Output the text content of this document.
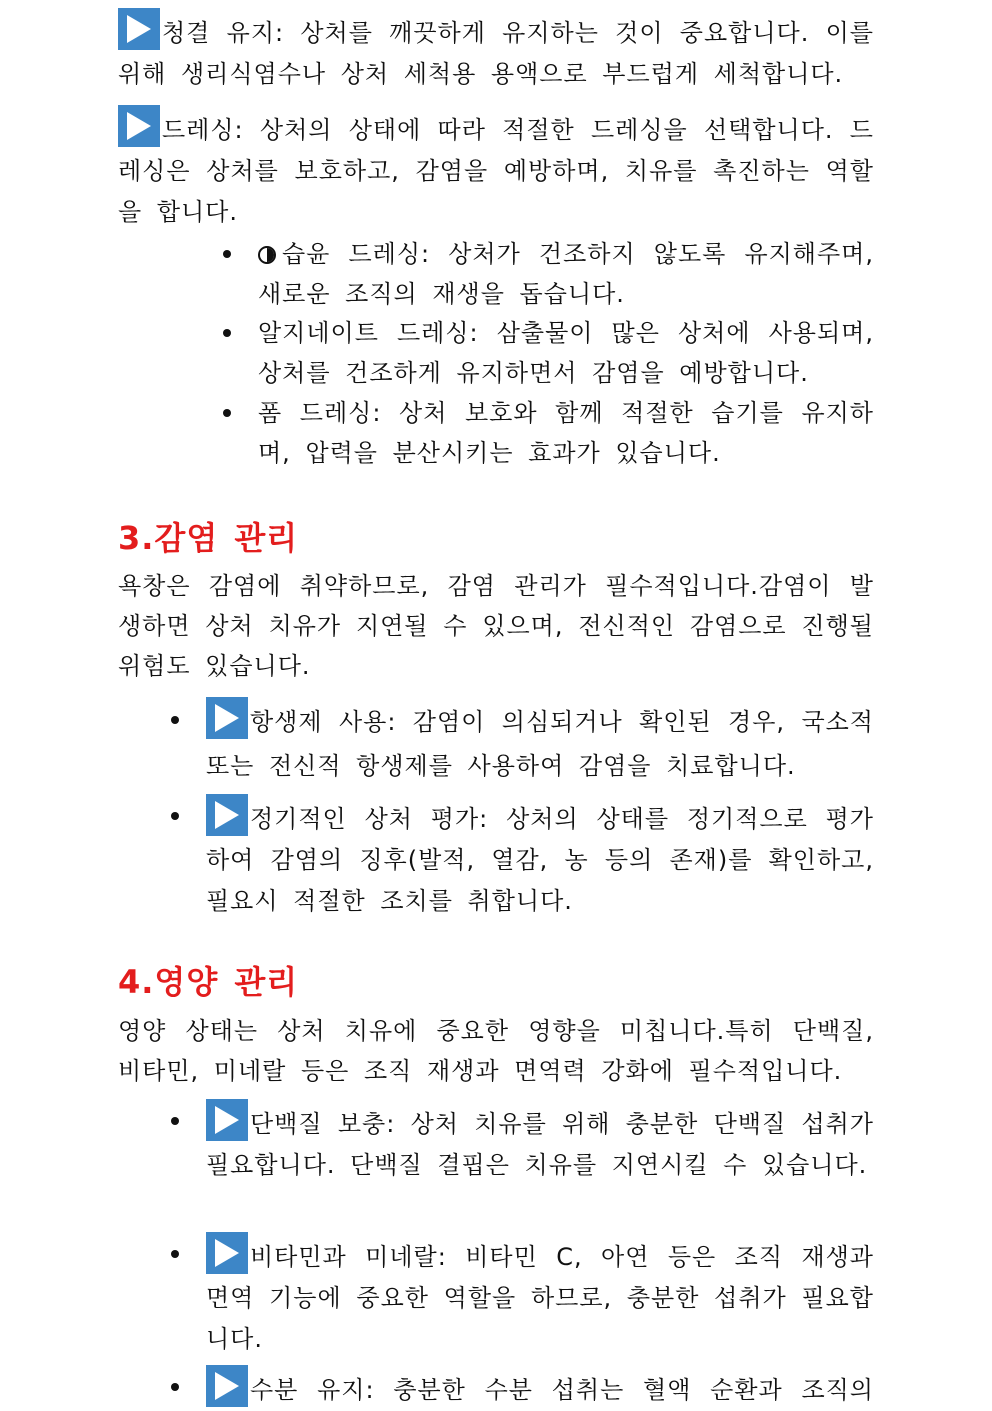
청결 유지: 상처를 깨끗하게 유지하는 것이 중요합니다. 이를 위해 생리식염수나 상처 세척용 용액으로 부드럽게 세척합니다.

드레싱: 상처의 상태에 따라 적절한 드레싱을 선택합니다. 드레싱은 상처를 보호하고, 감염을 예방하며, 치유를 촉진하는 역할을 합니다.

습윤 드레싱: 상처가 건조하지 않도록 유지해주며, 새로운 조직의 재생을 돕습니다.

알지네이트 드레싱: 삼출물이 많은 상처에 사용되며, 상처를 건조하게 유지하면서 감염을 예방합니다.

폼 드레싱: 상처 보호와 함께 적절한 습기를 유지하며, 압력을 분산시키는 효과가 있습니다.

3.감염 관리

욕창은 감염에 취약하므로, 감염 관리가 필수적입니다.감염이 발생하면 상처 치유가 지연될 수 있으며, 전신적인 감염으로 진행될 위험도 있습니다.

항생제 사용: 감염이 의심되거나 확인된 경우, 국소적 또는 전신적 항생제를 사용하여 감염을 치료합니다.

정기적인 상처 평가: 상처의 상태를 정기적으로 평가하여 감염의 징후(발적, 열감, 농 등의 존재)를 확인하고, 필요시 적절한 조치를 취합니다.

4.영양 관리

영양 상태는 상처 치유에 중요한 영향을 미칩니다.특히 단백질, 비타민, 미네랄 등은 조직 재생과 면역력 강화에 필수적입니다.

단백질 보충: 상처 치유를 위해 충분한 단백질 섭취가 필요합니다. 단백질 결핍은 치유를 지연시킬 수 있습니다.

비타민과 미네랄: 비타민 C, 아연 등은 조직 재생과 면역 기능에 중요한 역할을 하므로, 충분한 섭취가 필요합니다.

수분 유지: 충분한 수분 섭취는 혈액 순환과 조직의
